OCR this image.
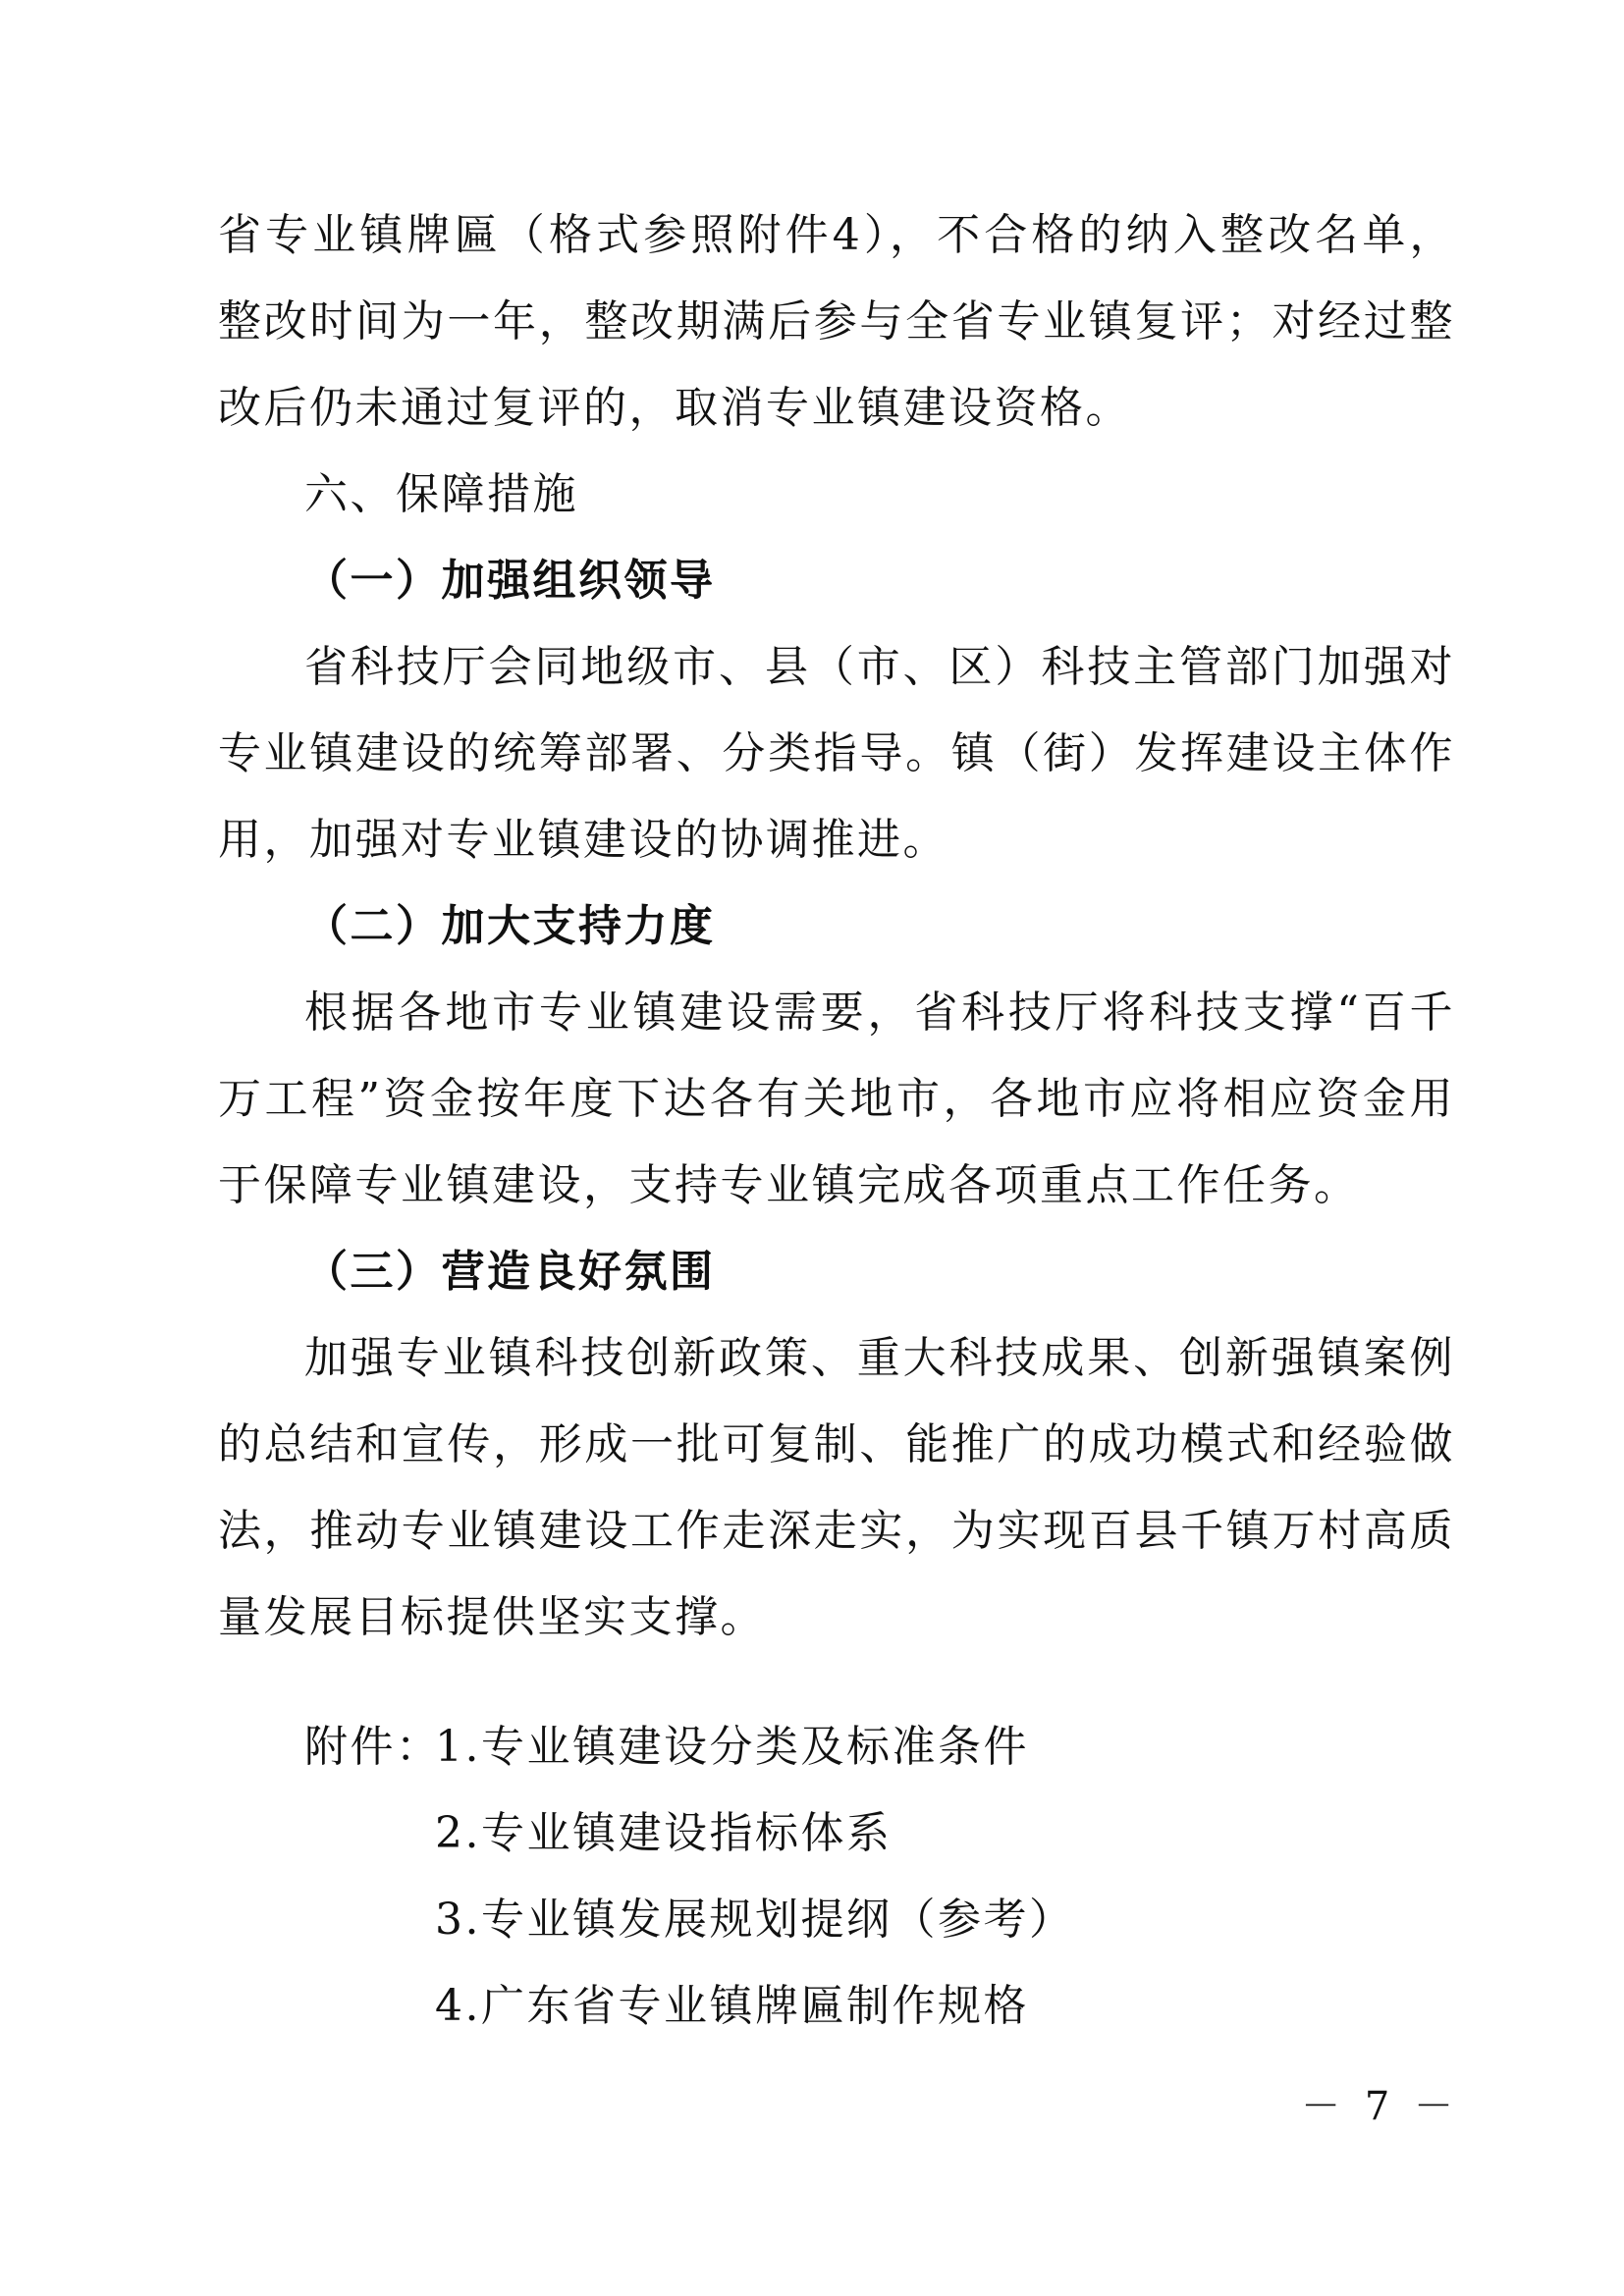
省专业镇牌匾（格式参照附件4），不合格的纳入整改名单，整改时间为一年，整改期满后参与全省专业镇复评；对经过整改后仍未通过复评的，取消专业镇建设资格。
六、保障措施
（一）加强组织领导
省科技厅会同地级市、县（市、区）科技主管部门加强对专业镇建设的统筹部署、分类指导。镇（街）发挥建设主体作用，加强对专业镇建设的协调推进。
（二）加大支持力度
根据各地市专业镇建设需要，省科技厅将科技支撑“百千万工程”资金按年度下达各有关地市，各地市应将相应资金用于保障专业镇建设，支持专业镇完成各项重点工作任务。
（三）营造良好氛围
加强专业镇科技创新政策、重大科技成果、创新强镇案例的总结和宣传，形成一批可复制、能推广的成功模式和经验做法，推动专业镇建设工作走深走实，为实现百县千镇万村高质量发展目标提供坚实支撑。
附件：
1.专业镇建设分类及标准条件
2.专业镇建设指标体系
3.专业镇发展规划提纲（参考）
4.广东省专业镇牌匾制作规格
－ 7 －
